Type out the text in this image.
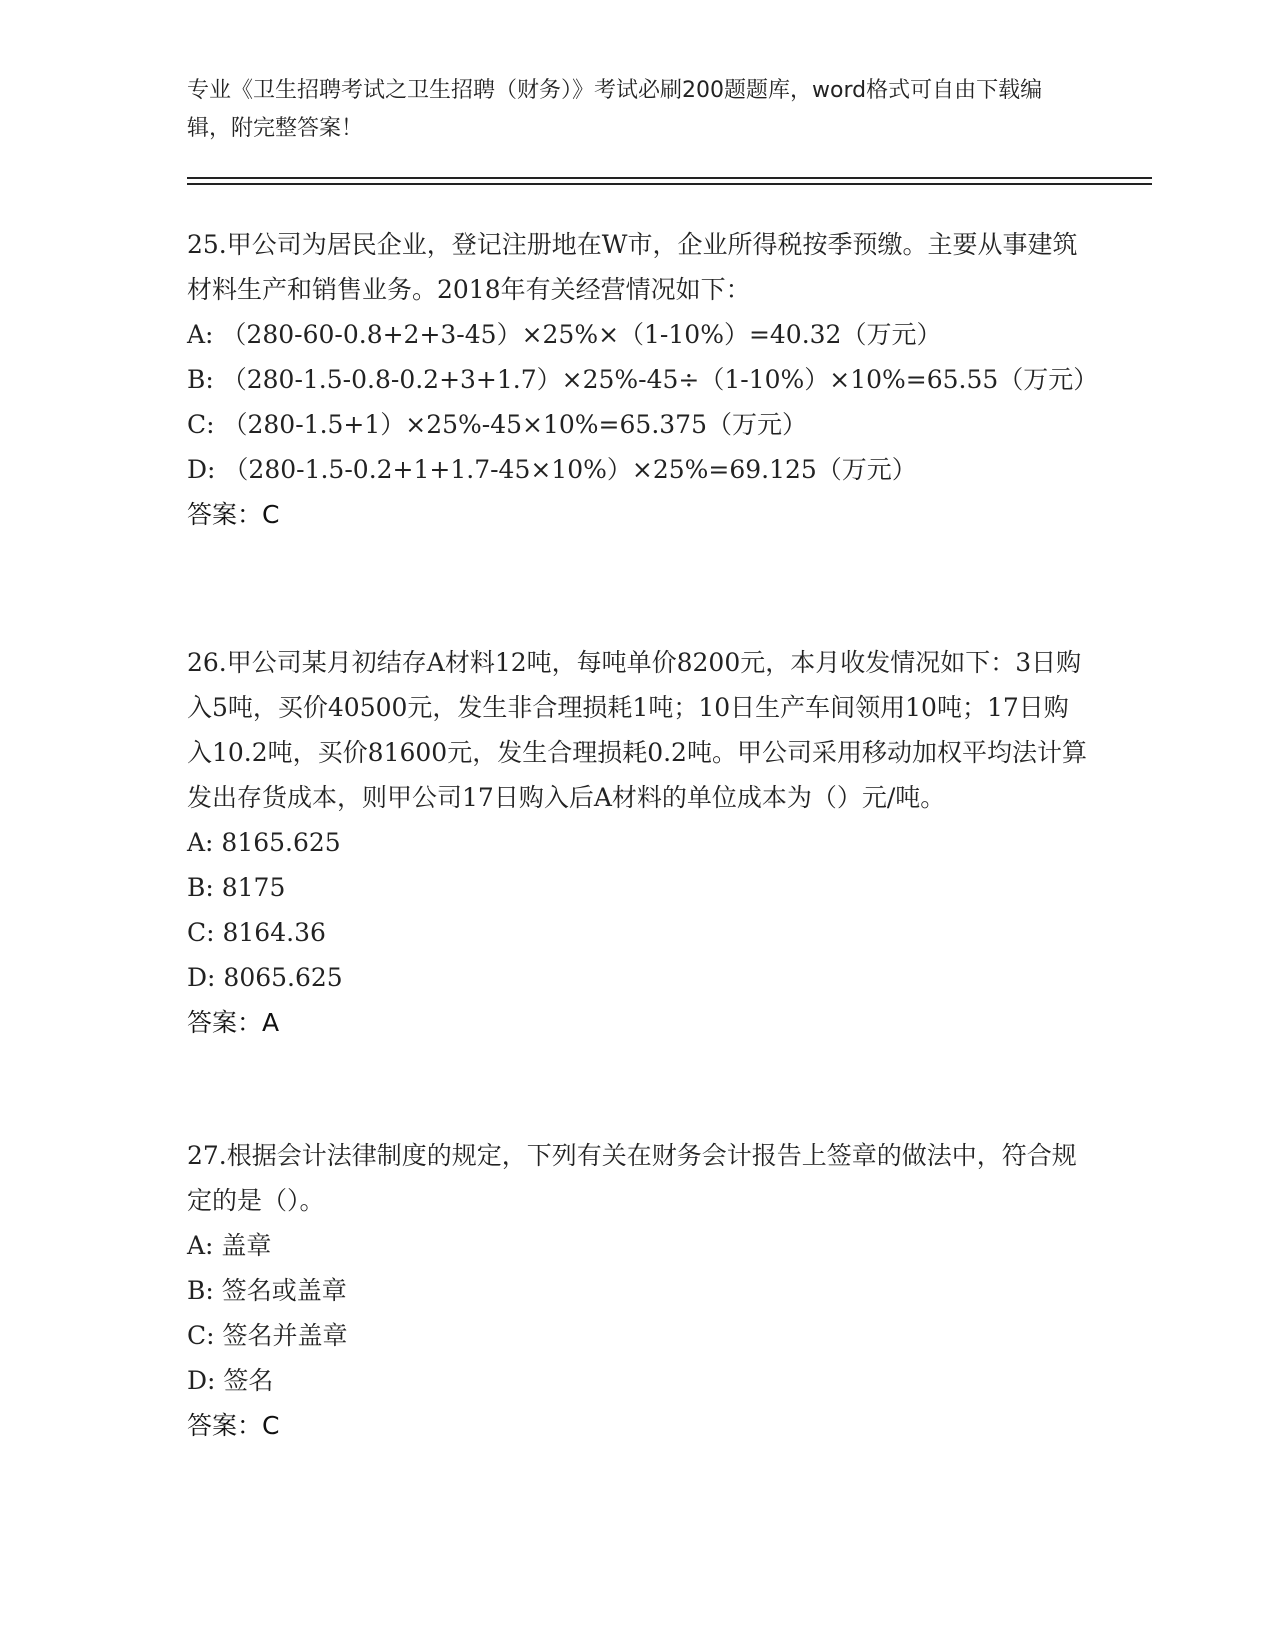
专业《卫生招聘考试之卫生招聘（财务）》考试必刷200题题库，word格式可自由下载编辑，附完整答案！

25.甲公司为居民企业，登记注册地在W市，企业所得税按季预缴。主要从事建筑材料生产和销售业务。2018年有关经营情况如下：

A: （280-60-0.8+2+3-45）×25%×（1-10%）=40.32（万元）

B: （280-1.5-0.8-0.2+3+1.7）×25%-45÷（1-10%）×10%=65.55（万元）

C: （280-1.5+1）×25%-45×10%=65.375（万元）

D: （280-1.5-0.2+1+1.7-45×10%）×25%=69.125（万元）

答案：C

26.甲公司某月初结存A材料12吨，每吨单价8200元，本月收发情况如下：3日购入5吨，买价40500元，发生非合理损耗1吨；10日生产车间领用10吨；17日购入10.2吨，买价81600元，发生合理损耗0.2吨。甲公司采用移动加权平均法计算发出存货成本，则甲公司17日购入后A材料的单位成本为（）元/吨。

A: 8165.625

B: 8175

C: 8164.36

D: 8065.625

答案：A

27.根据会计法律制度的规定，下列有关在财务会计报告上签章的做法中，符合规定的是（）。

A: 盖章

B: 签名或盖章

C: 签名并盖章

D: 签名

答案：C
